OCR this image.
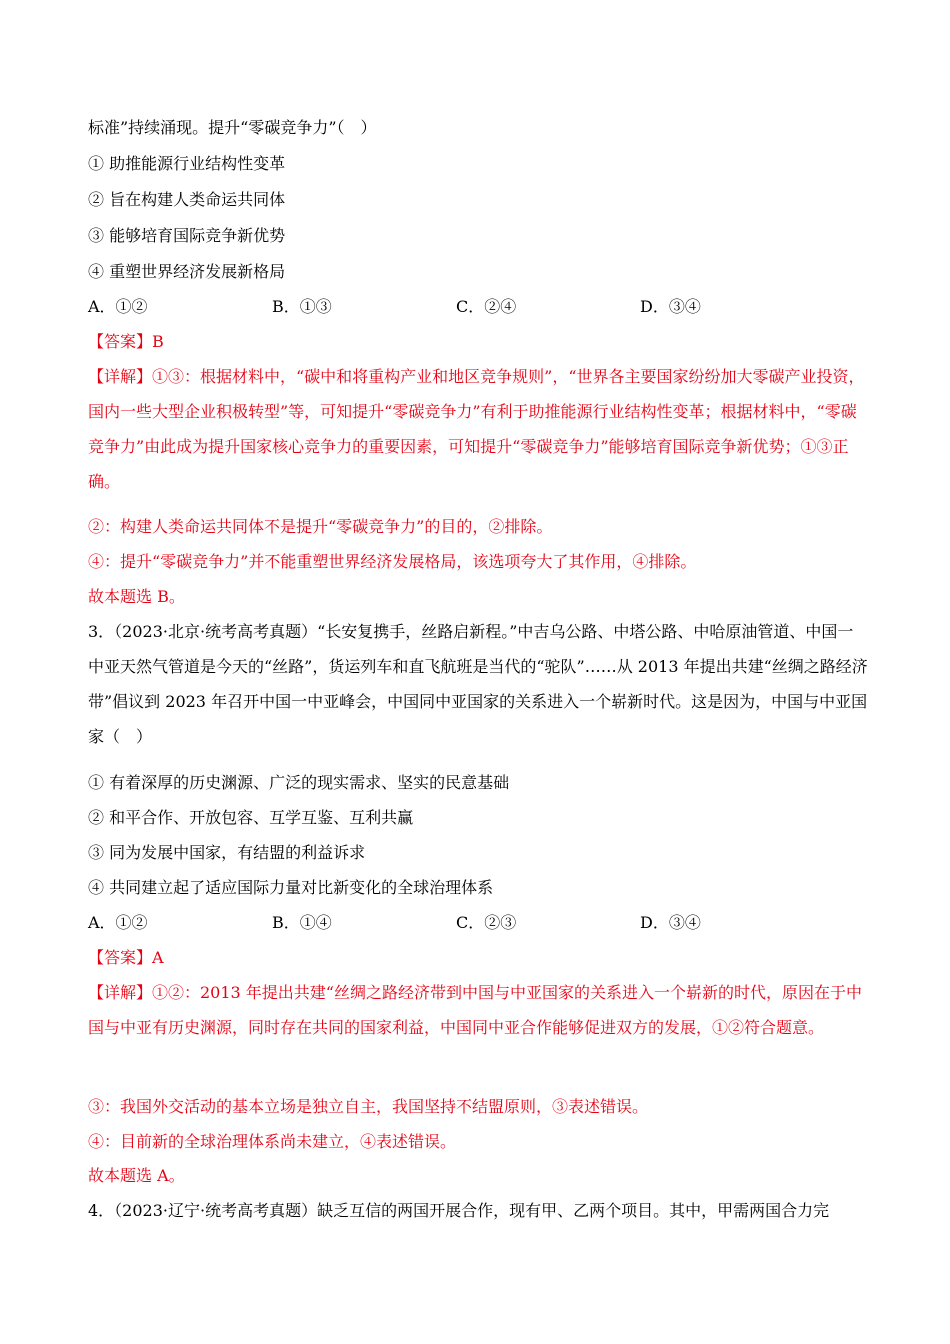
标准”持续涌现。提升“零碳竞争力”（　）
① 助推能源行业结构性变革
② 旨在构建人类命运共同体
③ 能够培育国际竞争新优势
④ 重塑世界经济发展新格局
A．①②	B．①③	C．②④	D．③④
【答案】B
【详解】①③：根据材料中，“碳中和将重构产业和地区竞争规则”，“世界各主要国家纷纷加大零碳产业投资，国内一些大型企业积极转型”等，可知提升“零碳竞争力”有利于助推能源行业结构性变革；根据材料中，“零碳竞争力”由此成为提升国家核心竞争力的重要因素，可知提升“零碳竞争力”能够培育国际竞争新优势；①③正确。
②：构建人类命运共同体不是提升“零碳竞争力”的目的，②排除。
④：提升“零碳竞争力”并不能重塑世界经济发展格局，该选项夸大了其作用，④排除。
故本题选 B。
3．（2023·北京·统考高考真题）“长安复携手，丝路启新程。”中吉乌公路、中塔公路、中哈原油管道、中国一中亚天然气管道是今天的“丝路”，货运列车和直飞航班是当代的“驼队”……从 2013 年提出共建“丝绸之路经济带”倡议到 2023 年召开中国一中亚峰会，中国同中亚国家的关系进入一个崭新时代。这是因为，中国与中亚国家（　）
① 有着深厚的历史渊源、广泛的现实需求、坚实的民意基础
② 和平合作、开放包容、互学互鉴、互利共赢
③ 同为发展中国家，有结盟的利益诉求
④ 共同建立起了适应国际力量对比新变化的全球治理体系
A．①②	B．①④	C．②③	D．③④
【答案】A
【详解】①②：2013 年提出共建“丝绸之路经济带到中国与中亚国家的关系进入一个崭新的时代，原因在于中国与中亚有历史渊源，同时存在共同的国家利益，中国同中亚合作能够促进双方的发展，①②符合题意。
③：我国外交活动的基本立场是独立自主，我国坚持不结盟原则，③表述错误。
④：目前新的全球治理体系尚未建立，④表述错误。
故本题选 A。
4．（2023·辽宁·统考高考真题）缺乏互信的两国开展合作，现有甲、乙两个项目。其中，甲需两国合力完
